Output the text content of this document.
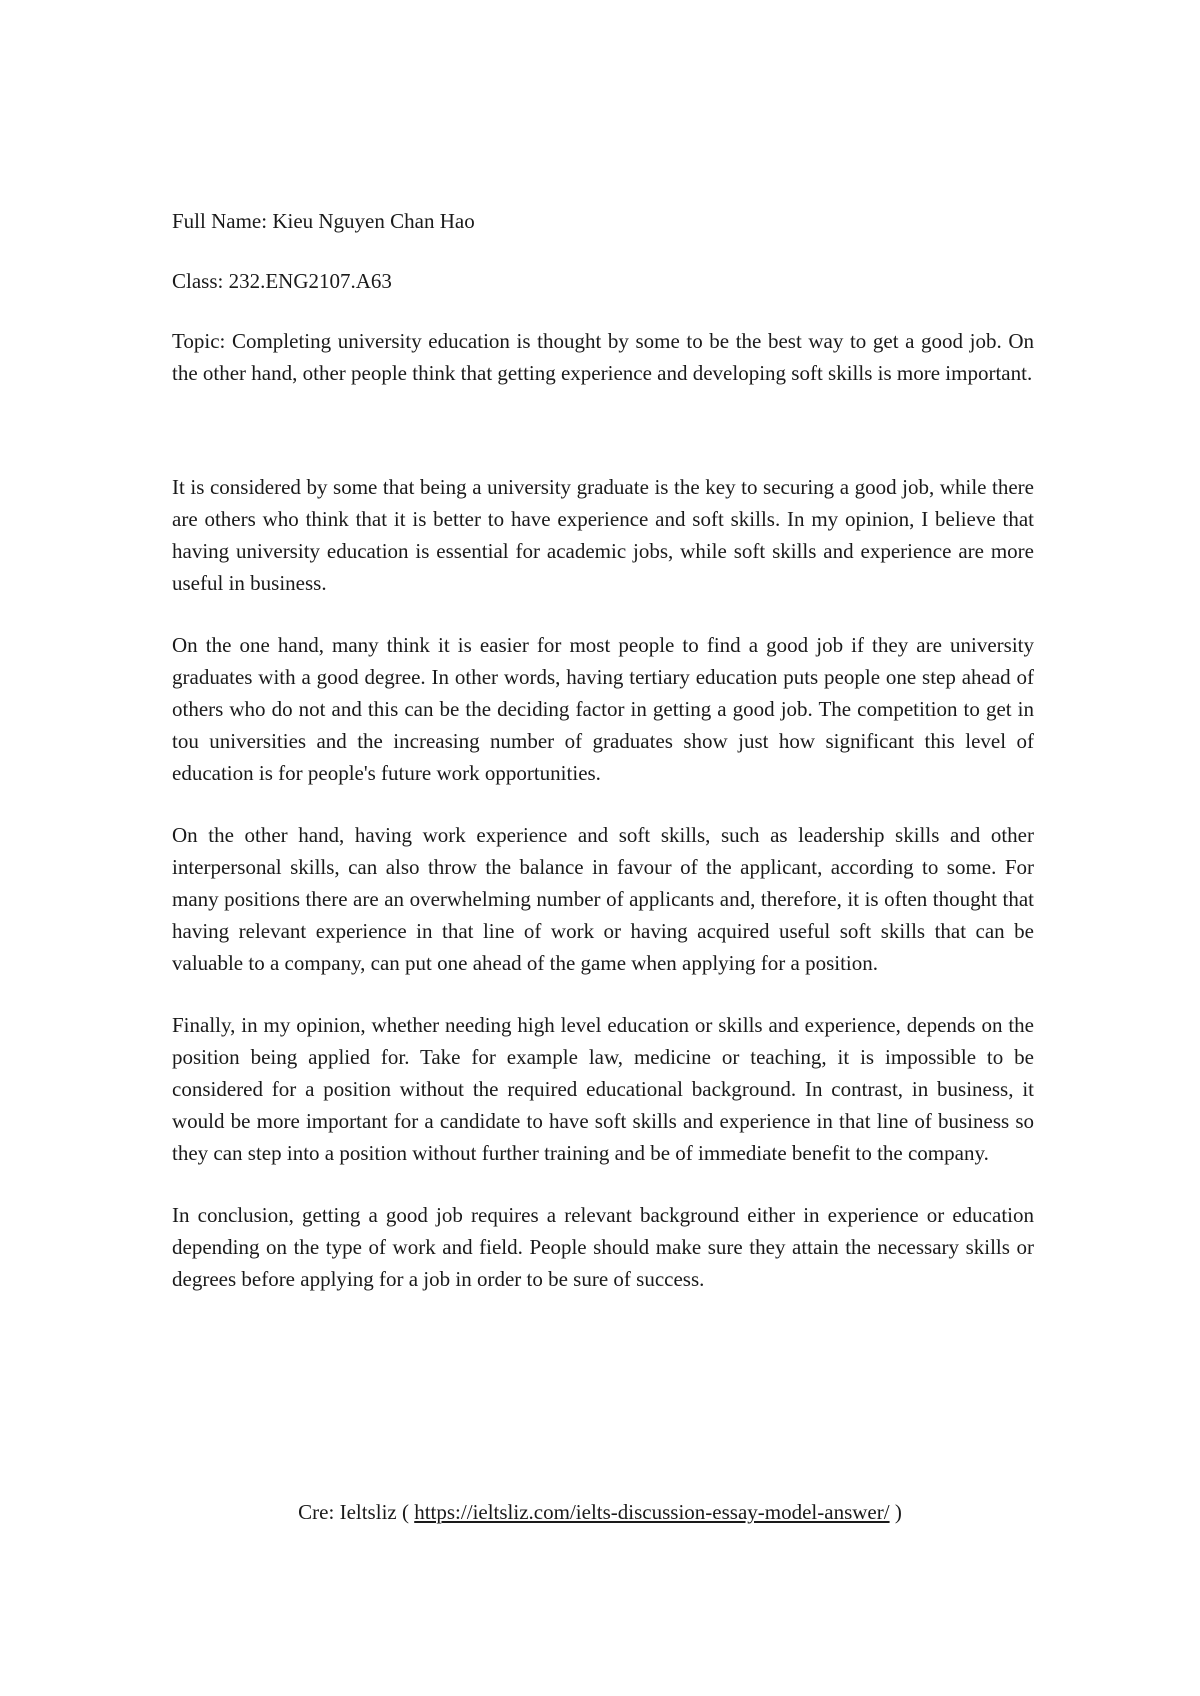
Full Name: Kieu Nguyen Chan Hao

Class: 232.ENG2107.A63

Topic: Completing university education is thought by some to be the best way to get a good job. On the other hand, other people think that getting experience and developing soft skills is more important.

It is considered by some that being a university graduate is the key to securing a good job, while there are others who think that it is better to have experience and soft skills. In my opinion, I believe that having university education is essential for academic jobs, while soft skills and experience are more useful in business.

On the one hand, many think it is easier for most people to find a good job if they are university graduates with a good degree. In other words, having tertiary education puts people one step ahead of others who do not and this can be the deciding factor in getting a good job. The competition to get in tou universities and the increasing number of graduates show just how significant this level of education is for people's future work opportunities.

On the other hand, having work experience and soft skills, such as leadership skills and other interpersonal skills, can also throw the balance in favour of the applicant, according to some. For many positions there are an overwhelming number of applicants and, therefore, it is often thought that having relevant experience in that line of work or having acquired useful soft skills that can be valuable to a company, can put one ahead of the game when applying for a position.

Finally, in my opinion, whether needing high level education or skills and experience, depends on the position being applied for. Take for example law, medicine or teaching, it is impossible to be considered for a position without the required educational background. In contrast, in business, it would be more important for a candidate to have soft skills and experience in that line of business so they can step into a position without further training and be of immediate benefit to the company.

In conclusion, getting a good job requires a relevant background either in experience or education depending on the type of work and field. People should make sure they attain the necessary skills or degrees before applying for a job in order to be sure of success.

Cre: Ieltsliz ( https://ieltsliz.com/ielts-discussion-essay-model-answer/ )
